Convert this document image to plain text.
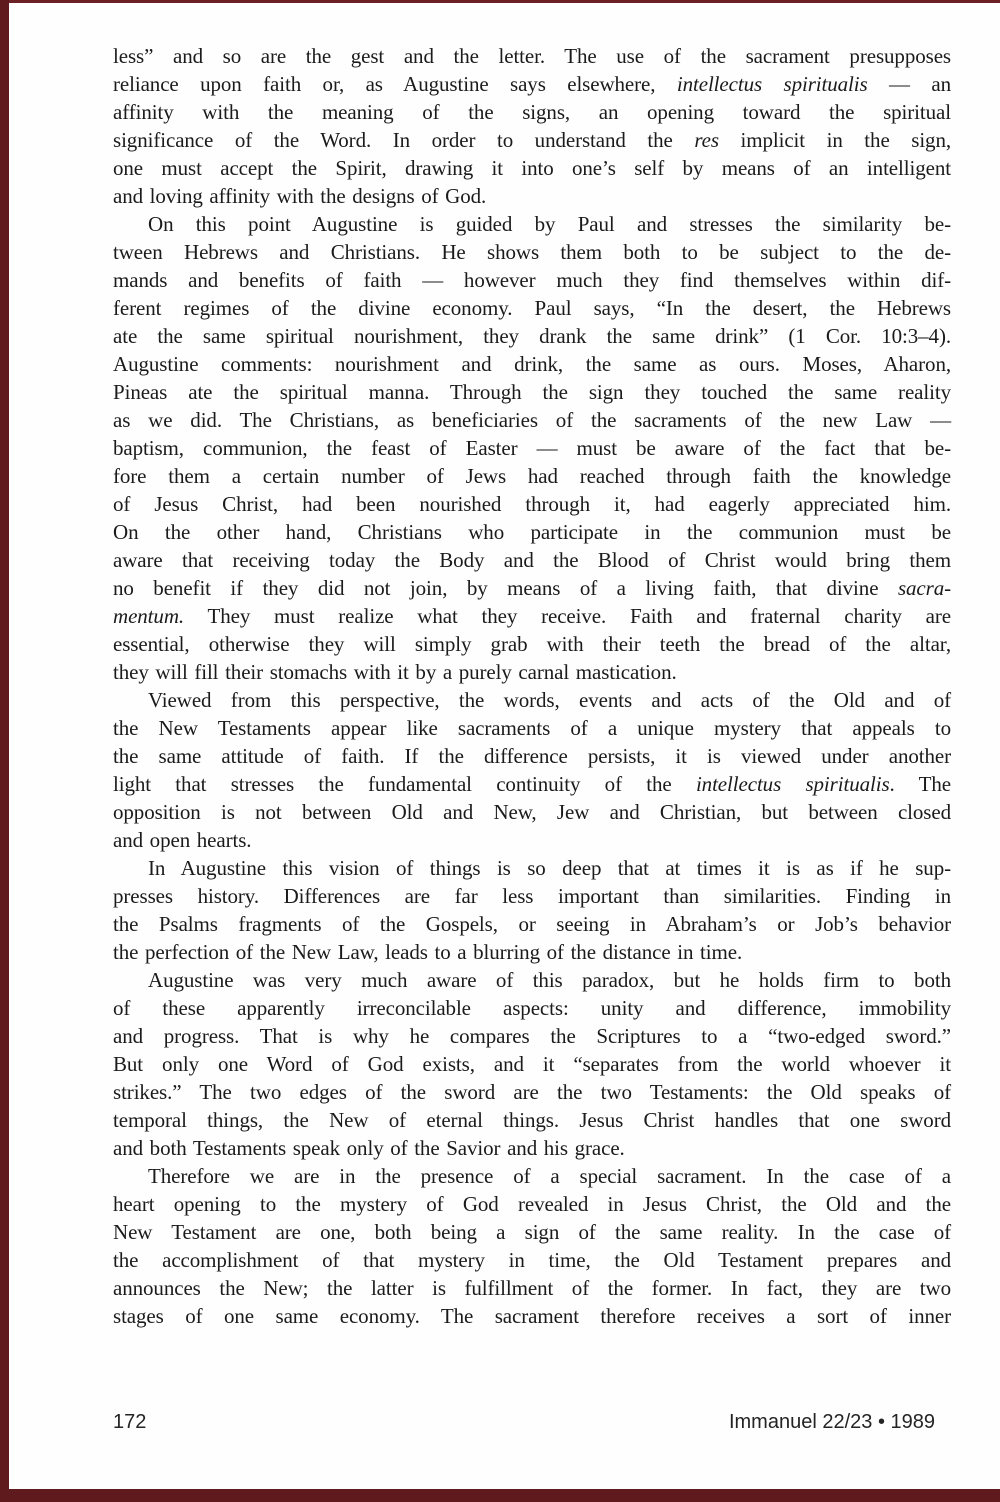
less” and so are the gest and the letter. The use of the sacrament presupposes
reliance upon faith or, as Augustine says elsewhere, intellectus spiritualis — an
affinity with the meaning of the signs, an opening toward the spiritual
significance of the Word. In order to understand the res implicit in the sign,
one must accept the Spirit, drawing it into one’s self by means of an intelligent
and loving affinity with the designs of God.
On this point Augustine is guided by Paul and stresses the similarity be-
tween Hebrews and Christians. He shows them both to be subject to the de-
mands and benefits of faith — however much they find themselves within dif-
ferent regimes of the divine economy. Paul says, “In the desert, the Hebrews
ate the same spiritual nourishment, they drank the same drink” (1 Cor. 10:3–4).
Augustine comments: nourishment and drink, the same as ours. Moses, Aharon,
Pineas ate the spiritual manna. Through the sign they touched the same reality
as we did. The Christians, as beneficiaries of the sacraments of the new Law —
baptism, communion, the feast of Easter — must be aware of the fact that be-
fore them a certain number of Jews had reached through faith the knowledge
of Jesus Christ, had been nourished through it, had eagerly appreciated him.
On the other hand, Christians who participate in the communion must be
aware that receiving today the Body and the Blood of Christ would bring them
no benefit if they did not join, by means of a living faith, that divine sacra-
mentum. They must realize what they receive. Faith and fraternal charity are
essential, otherwise they will simply grab with their teeth the bread of the altar,
they will fill their stomachs with it by a purely carnal mastication.
Viewed from this perspective, the words, events and acts of the Old and of
the New Testaments appear like sacraments of a unique mystery that appeals to
the same attitude of faith. If the difference persists, it is viewed under another
light that stresses the fundamental continuity of the intellectus spiritualis. The
opposition is not between Old and New, Jew and Christian, but between closed
and open hearts.
In Augustine this vision of things is so deep that at times it is as if he sup-
presses history. Differences are far less important than similarities. Finding in
the Psalms fragments of the Gospels, or seeing in Abraham’s or Job’s behavior
the perfection of the New Law, leads to a blurring of the distance in time.
Augustine was very much aware of this paradox, but he holds firm to both
of these apparently irreconcilable aspects: unity and difference, immobility
and progress. That is why he compares the Scriptures to a “two-edged sword.”
But only one Word of God exists, and it “separates from the world whoever it
strikes.” The two edges of the sword are the two Testaments: the Old speaks of
temporal things, the New of eternal things. Jesus Christ handles that one sword
and both Testaments speak only of the Savior and his grace.
Therefore we are in the presence of a special sacrament. In the case of a
heart opening to the mystery of God revealed in Jesus Christ, the Old and the
New Testament are one, both being a sign of the same reality. In the case of
the accomplishment of that mystery in time, the Old Testament prepares and
announces the New; the latter is fulfillment of the former. In fact, they are two
stages of one same economy. The sacrament therefore receives a sort of inner
172	Immanuel 22/23 • 1989
